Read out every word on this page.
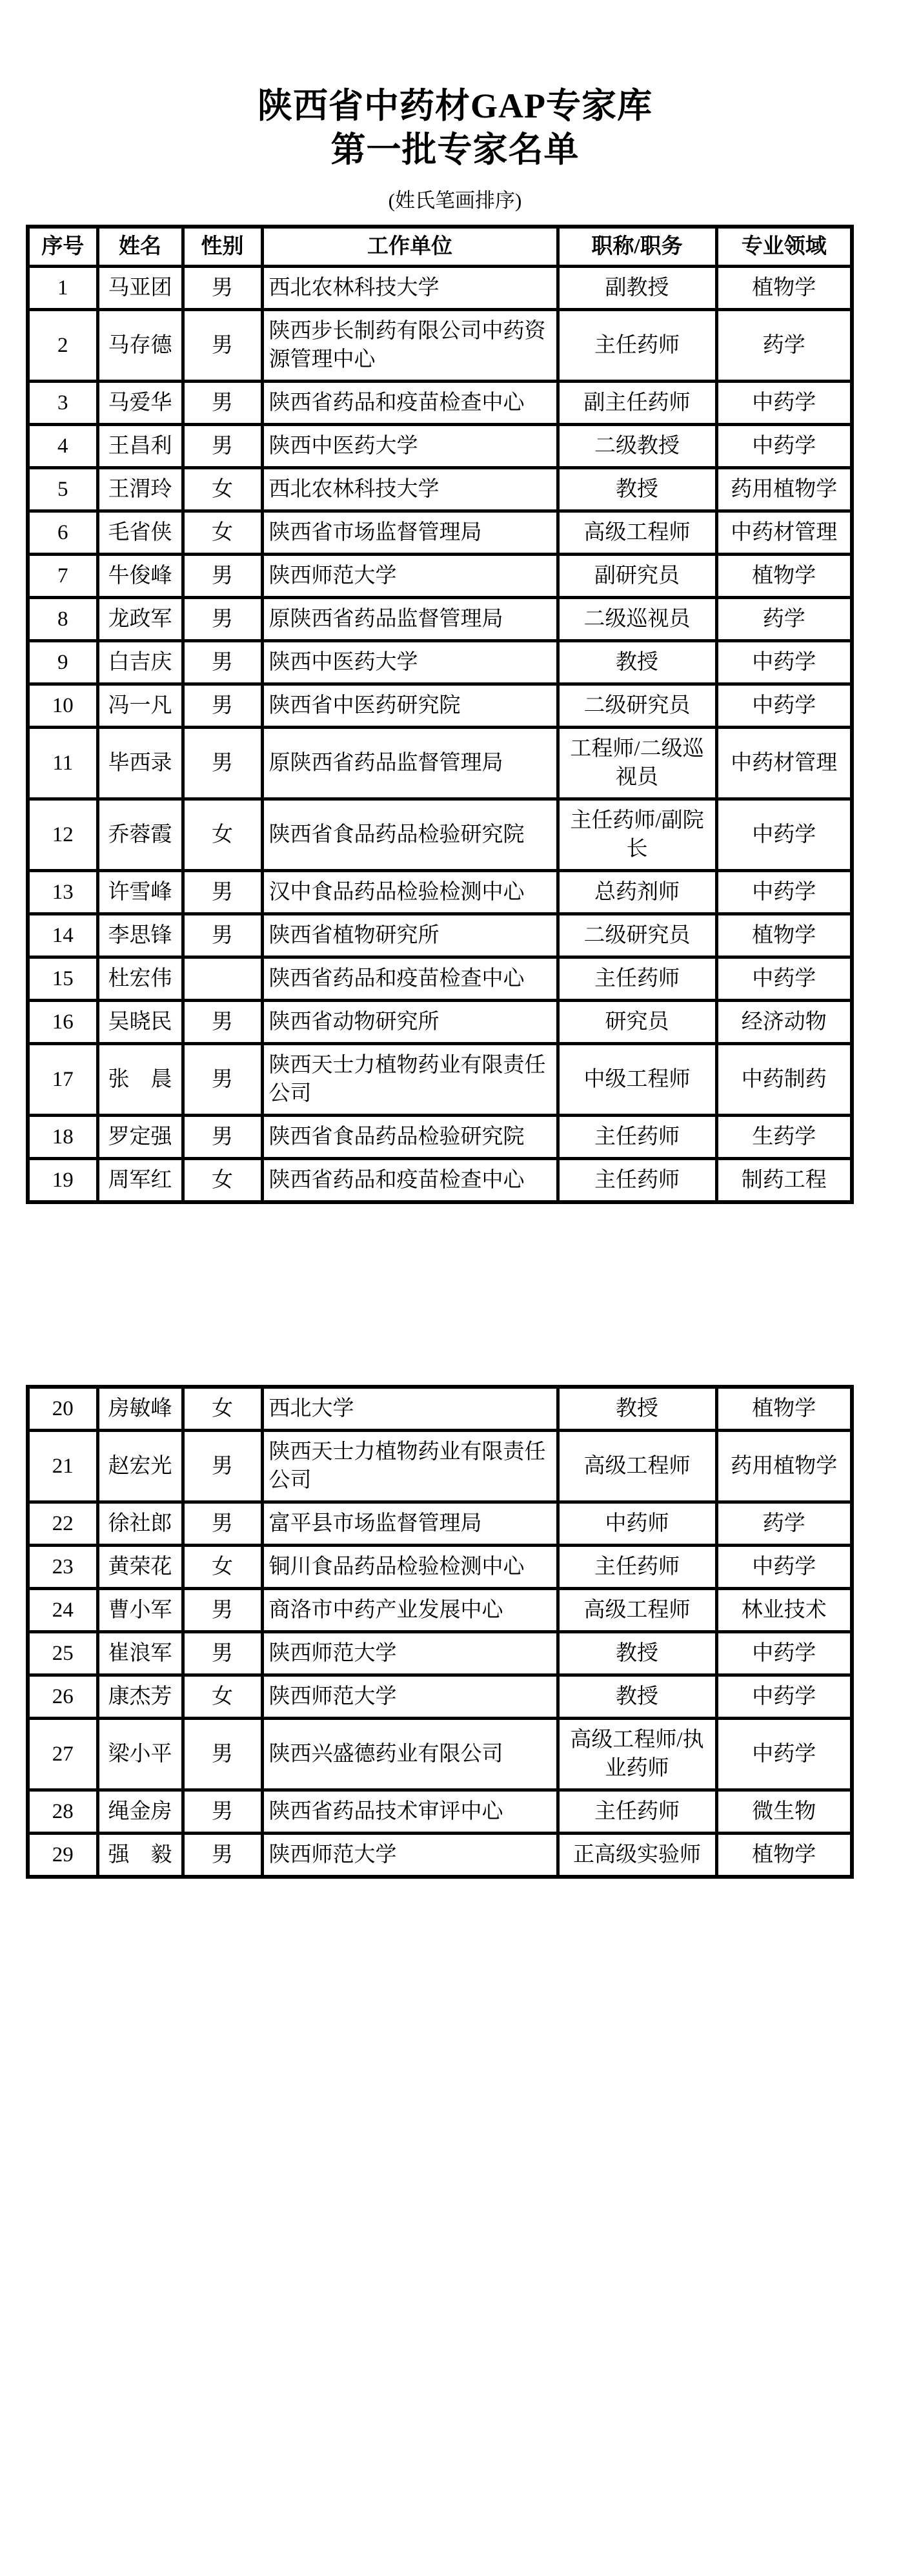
陕西省中药材GAP专家库
第一批专家名单
(姓氏笔画排序)
序号	姓名	性别	工作单位	职称/职务	专业领域
1	马亚团	男	西北农林科技大学	副教授	植物学
2	马存德	男	陕西步长制药有限公司中药资源管理中心	主任药师	药学
3	马爱华	男	陕西省药品和疫苗检查中心	副主任药师	中药学
4	王昌利	男	陕西中医药大学	二级教授	中药学
5	王渭玲	女	西北农林科技大学	教授	药用植物学
6	毛省侠	女	陕西省市场监督管理局	高级工程师	中药材管理
7	牛俊峰	男	陕西师范大学	副研究员	植物学
8	龙政军	男	原陕西省药品监督管理局	二级巡视员	药学
9	白吉庆	男	陕西中医药大学	教授	中药学
10	冯一凡	男	陕西省中医药研究院	二级研究员	中药学
11	毕西录	男	原陕西省药品监督管理局	工程师/二级巡视员	中药材管理
12	乔蓉霞	女	陕西省食品药品检验研究院	主任药师/副院长	中药学
13	许雪峰	男	汉中食品药品检验检测中心	总药剂师	中药学
14	李思锋	男	陕西省植物研究所	二级研究员	植物学
15	杜宏伟		陕西省药品和疫苗检查中心	主任药师	中药学
16	吴晓民	男	陕西省动物研究所	研究员	经济动物
17	张　晨	男	陕西天士力植物药业有限责任公司	中级工程师	中药制药
18	罗定强	男	陕西省食品药品检验研究院	主任药师	生药学
19	周军红	女	陕西省药品和疫苗检查中心	主任药师	制药工程
20	房敏峰	女	西北大学	教授	植物学
21	赵宏光	男	陕西天士力植物药业有限责任公司	高级工程师	药用植物学
22	徐社郎	男	富平县市场监督管理局	中药师	药学
23	黄荣花	女	铜川食品药品检验检测中心	主任药师	中药学
24	曹小军	男	商洛市中药产业发展中心	高级工程师	林业技术
25	崔浪军	男	陕西师范大学	教授	中药学
26	康杰芳	女	陕西师范大学	教授	中药学
27	梁小平	男	陕西兴盛德药业有限公司	高级工程师/执业药师	中药学
28	绳金房	男	陕西省药品技术审评中心	主任药师	微生物
29	强　毅	男	陕西师范大学	正高级实验师	植物学
